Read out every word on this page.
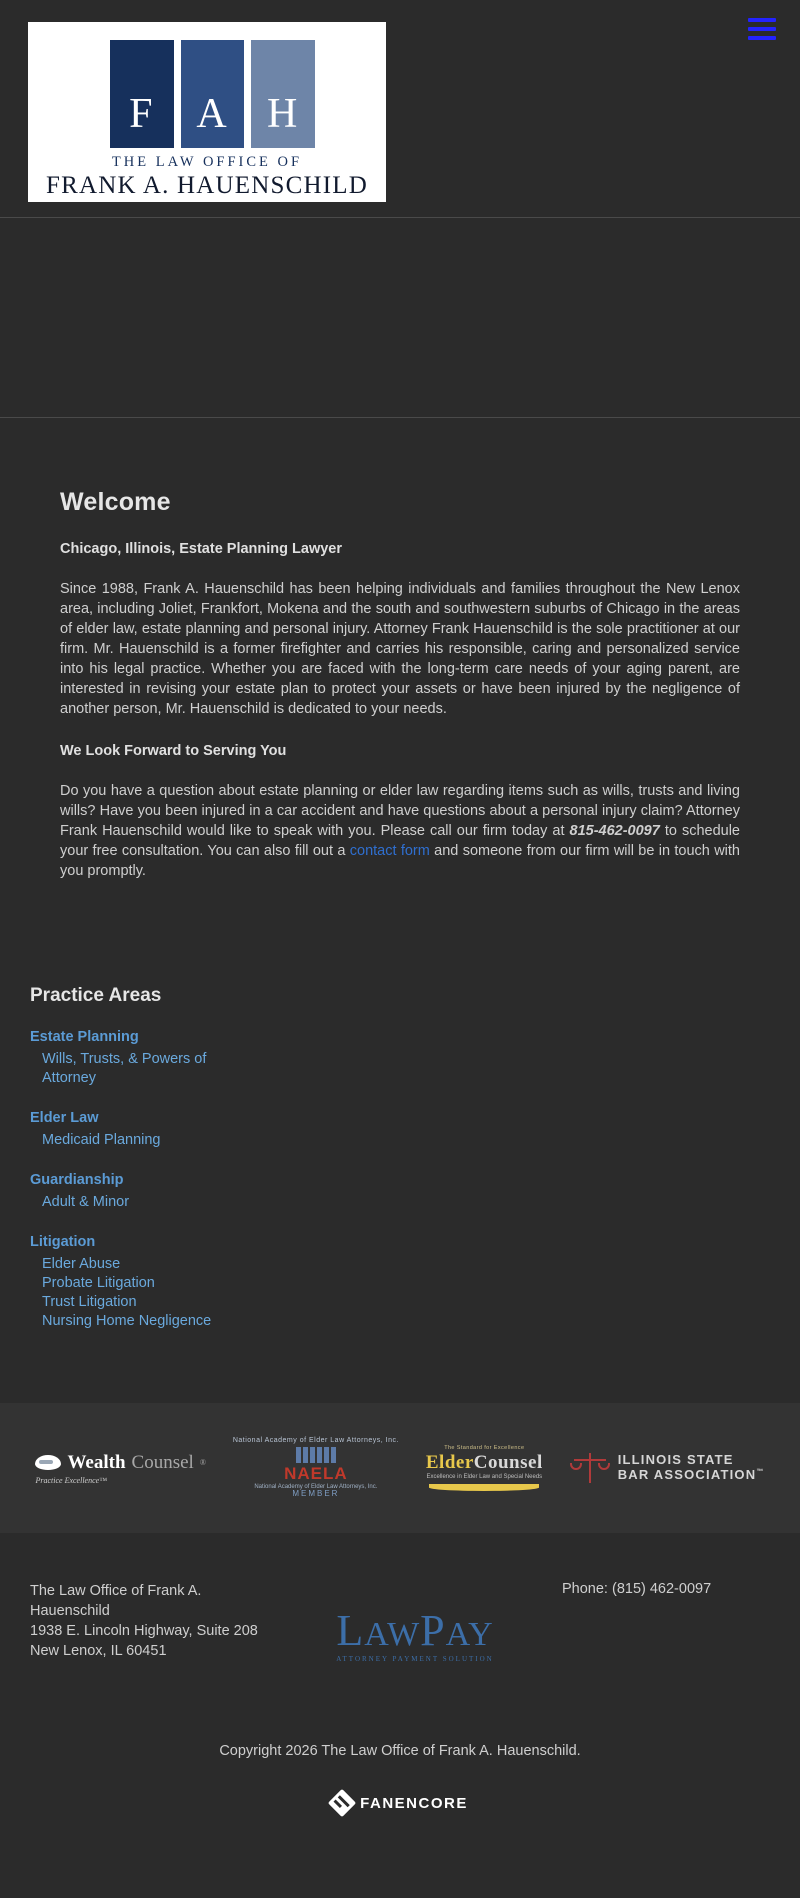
F A H
THE LAW OFFICE OF
FRANK A. HAUENSCHILD
Welcome
Chicago, Illinois, Estate Planning Lawyer

Since 1988, Frank A. Hauenschild has been helping individuals and families throughout the New Lenox area, including Joliet, Frankfort, Mokena and the south and southwestern suburbs of Chicago in the areas of elder law, estate planning and personal injury. Attorney Frank Hauenschild is the sole practitioner at our firm. Mr. Hauenschild is a former firefighter and carries his responsible, caring and personalized service into his legal practice. Whether you are faced with the long-term care needs of your aging parent, are interested in revising your estate plan to protect your assets or have been injured by the negligence of another person, Mr. Hauenschild is dedicated to your needs.

We Look Forward to Serving You

Do you have a question about estate planning or elder law regarding items such as wills, trusts and living wills? Have you been injured in a car accident and have questions about a personal injury claim? Attorney Frank Hauenschild would like to speak with you. Please call our firm today at 815-462-0097 to schedule your free consultation. You can also fill out a contact form and someone from our firm will be in touch with you promptly.

Practice Areas
Estate Planning
Wills, Trusts, & Powers of Attorney
Elder Law
Medicaid Planning
Guardianship
Adult & Minor
Litigation
Elder Abuse
Probate Litigation
Trust Litigation
Nursing Home Negligence
Wealth Counsel ®
Practice Excellence™
National Academy of Elder Law Attorneys, Inc.
NAELA
National Academy of Elder Law Attorneys, Inc.
MEMBER
The Standard for Excellence
ElderCounsel
Excellence in Elder Law and Special Needs
ILLINOIS STATE
BAR ASSOCIATION™
The Law Office of Frank A. Hauenschild
1938 E. Lincoln Highway, Suite 208
New Lenox, IL 60451	LAWPAY
ATTORNEY PAYMENT SOLUTION
Phone: (815) 462-0097
Copyright 2026 The Law Office of Frank A. Hauenschild.
FANENCORE
